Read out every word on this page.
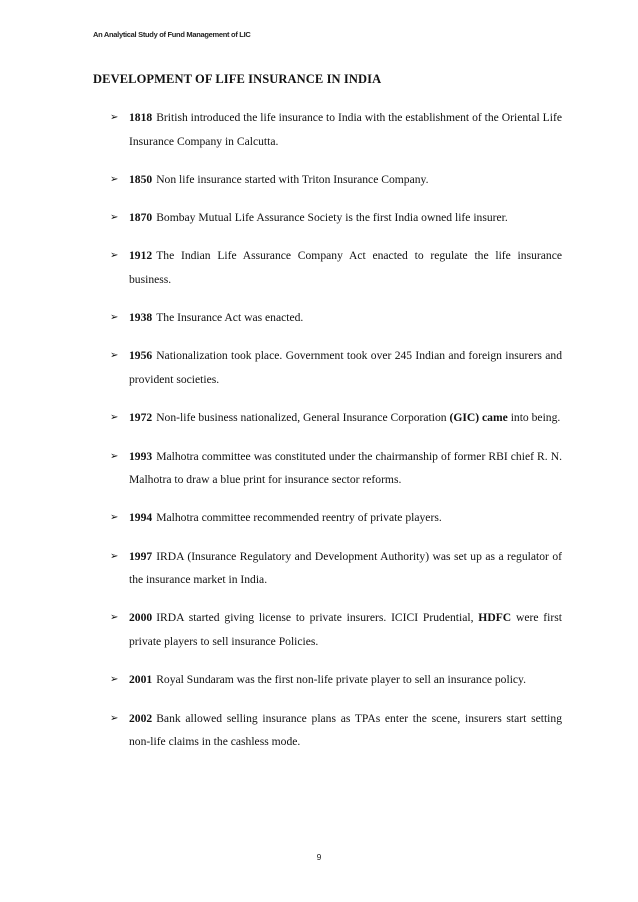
An Analytical Study of Fund Management of LIC
DEVELOPMENT OF LIFE INSURANCE IN INDIA
➢ 1818 British introduced the life insurance to India with the establishment of the Oriental Life Insurance Company in Calcutta.
➢ 1850 Non life insurance started with Triton Insurance Company.
➢ 1870 Bombay Mutual Life Assurance Society is the first India owned life insurer.
➢ 1912 The Indian Life Assurance Company Act enacted to regulate the life insurance business.
➢ 1938 The Insurance Act was enacted.
➢ 1956 Nationalization took place. Government took over 245 Indian and foreign insurers and provident societies.
➢ 1972 Non-life business nationalized, General Insurance Corporation (GIC) came into being.
➢ 1993 Malhotra committee was constituted under the chairmanship of former RBI chief R. N. Malhotra to draw a blue print for insurance sector reforms.
➢ 1994 Malhotra committee recommended reentry of private players.
➢ 1997 IRDA (Insurance Regulatory and Development Authority) was set up as a regulator of the insurance market in India.
➢ 2000 IRDA started giving license to private insurers. ICICI Prudential, HDFC were first private players to sell insurance Policies.
➢ 2001 Royal Sundaram was the first non-life private player to sell an insurance policy.
➢ 2002 Bank allowed selling insurance plans as TPAs enter the scene, insurers start setting non-life claims in the cashless mode.
9
